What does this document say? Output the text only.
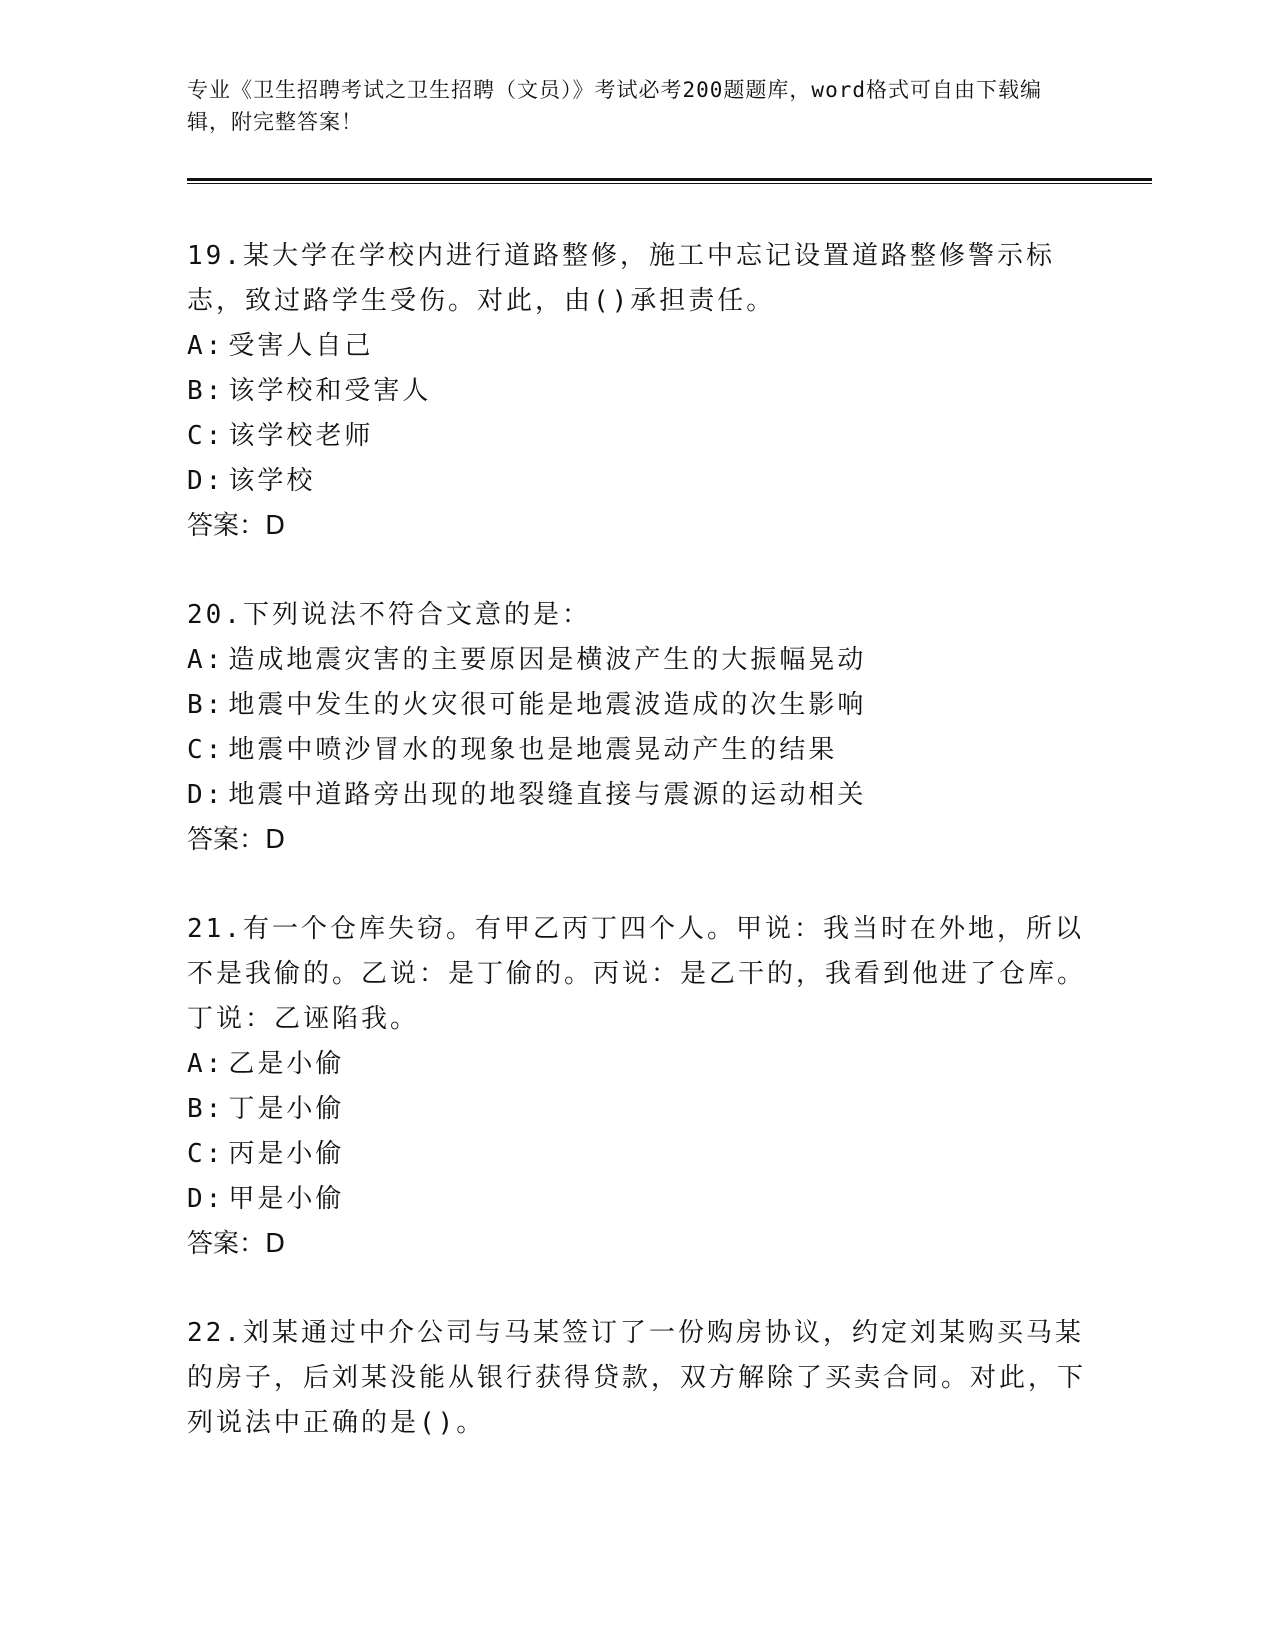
专业《卫生招聘考试之卫生招聘（文员）》考试必考200题题库，word格式可自由下载编辑，附完整答案！

19.某大学在学校内进行道路整修，施工中忘记设置道路整修警示标志，致过路学生受伤。对此，由()承担责任。

A: 受害人自己

B: 该学校和受害人

C: 该学校老师

D: 该学校

答案：D

20.下列说法不符合文意的是：

A: 造成地震灾害的主要原因是横波产生的大振幅晃动

B: 地震中发生的火灾很可能是地震波造成的次生影响

C: 地震中喷沙冒水的现象也是地震晃动产生的结果

D: 地震中道路旁出现的地裂缝直接与震源的运动相关

答案：D

21.有一个仓库失窃。有甲乙丙丁四个人。甲说：我当时在外地，所以不是我偷的。乙说：是丁偷的。丙说：是乙干的，我看到他进了仓库。丁说：乙诬陷我。

A: 乙是小偷

B: 丁是小偷

C: 丙是小偷

D: 甲是小偷

答案：D

22.刘某通过中介公司与马某签订了一份购房协议，约定刘某购买马某的房子，后刘某没能从银行获得贷款，双方解除了买卖合同。对此，下列说法中正确的是()。
